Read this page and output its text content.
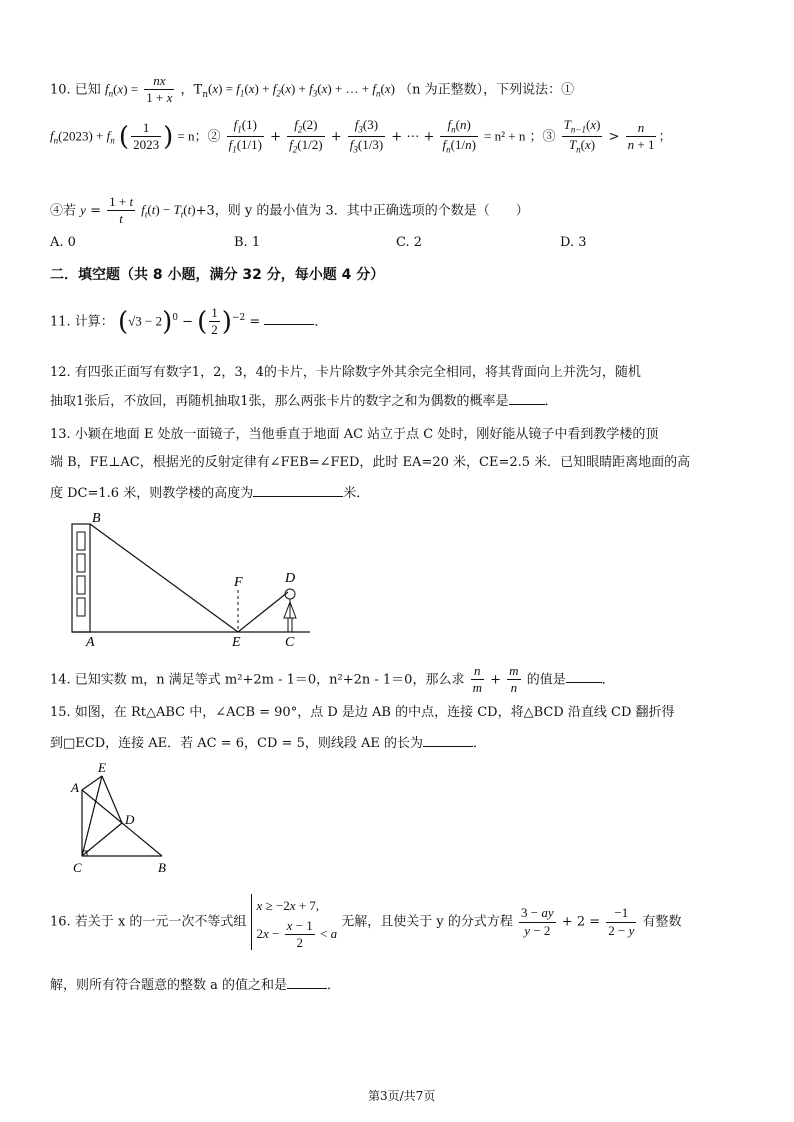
10. 已知 $f_n(x) = \frac{nx}{1 + x}$ ，$T_n(x) = f_1(x) + f_2(x) + f_3(x)$ + … + $f_n(x)$ （n 为正整数），下列说法：①
$f_n(2023) + f_n$ ( $\frac{1}{2023}$ ) = n；② $\frac{f_1(1)}{f_1(1/1)} + \frac{f_2(2)}{f_2(1/2)} + \frac{f_3(3)}{f_3(1/3)}$ + ⋯ + $\frac{f_n(n)}{f_n(1/n)} = n^2 + n$ ；③ $\frac{T_{n-1}(x)}{T_n(x)} > \frac{n}{n + 1}$ ；
④若 $y = \frac{1 + t}{t} f_t(t) - T_t(t)+3$，则 y 的最小值为 3．其中正确选项的个数是（　　）
A. 0	B. 1	C. 2	D. 3
二．填空题（共 8 小题，满分 32 分，每小题 4 分）
11. 计算： $(√3 - 2)^0$ − ( $\frac{1}{2} )^{-2}$ =	．
12. 有四张正面写有数字1，2，3，4的卡片，卡片除数字外其余完全相同，将其背面向上并洗匀，随机
抽取1张后，不放回，再随机抽取1张，那么两张卡片的数字之和为偶数的概率是	．
13. 小颖在地面 E 处放一面镜子，当他垂直于地面 AC 站立于点 C 处时，刚好能从镜子中看到教学楼的顶
端 B，FE⊥AC，根据光的反射定律有∠FEB=∠FED，此时 EA=20 米，CE=2.5 米．已知眼睛距离地面的高
度 DC=1.6 米，则教学楼的高度为	米．
B
A
F
E
D
C
14. 已知实数 m，n 满足等式 m²+2m - 1＝0，n²+2n - 1＝0，那么求 $\frac{n}{m} + \frac{m}{n}$ 的值是	．
15. 如图，在 Rt△ABC 中，∠ACB = 90°，点 D 是边 AB 的中点，连接 CD，将△BCD 沿直线 CD 翻折得
到□ECD，连接 AE．若 AC = 6，CD = 5，则线段 AE 的长为	．
A
E
D
C	B
16. 若关于 x 的一元一次不等式组 x ≥ −2x + 7,
$2x - \frac{x - 1}{2} < a$ 无解，且使关于 y 的分式方程 $\frac{3 - ay}{y - 2} + 2 = \frac{-1}{2 - y}$ 有整数
解，则所有符合题意的整数 a 的值之和是	．
第3页/共7页
